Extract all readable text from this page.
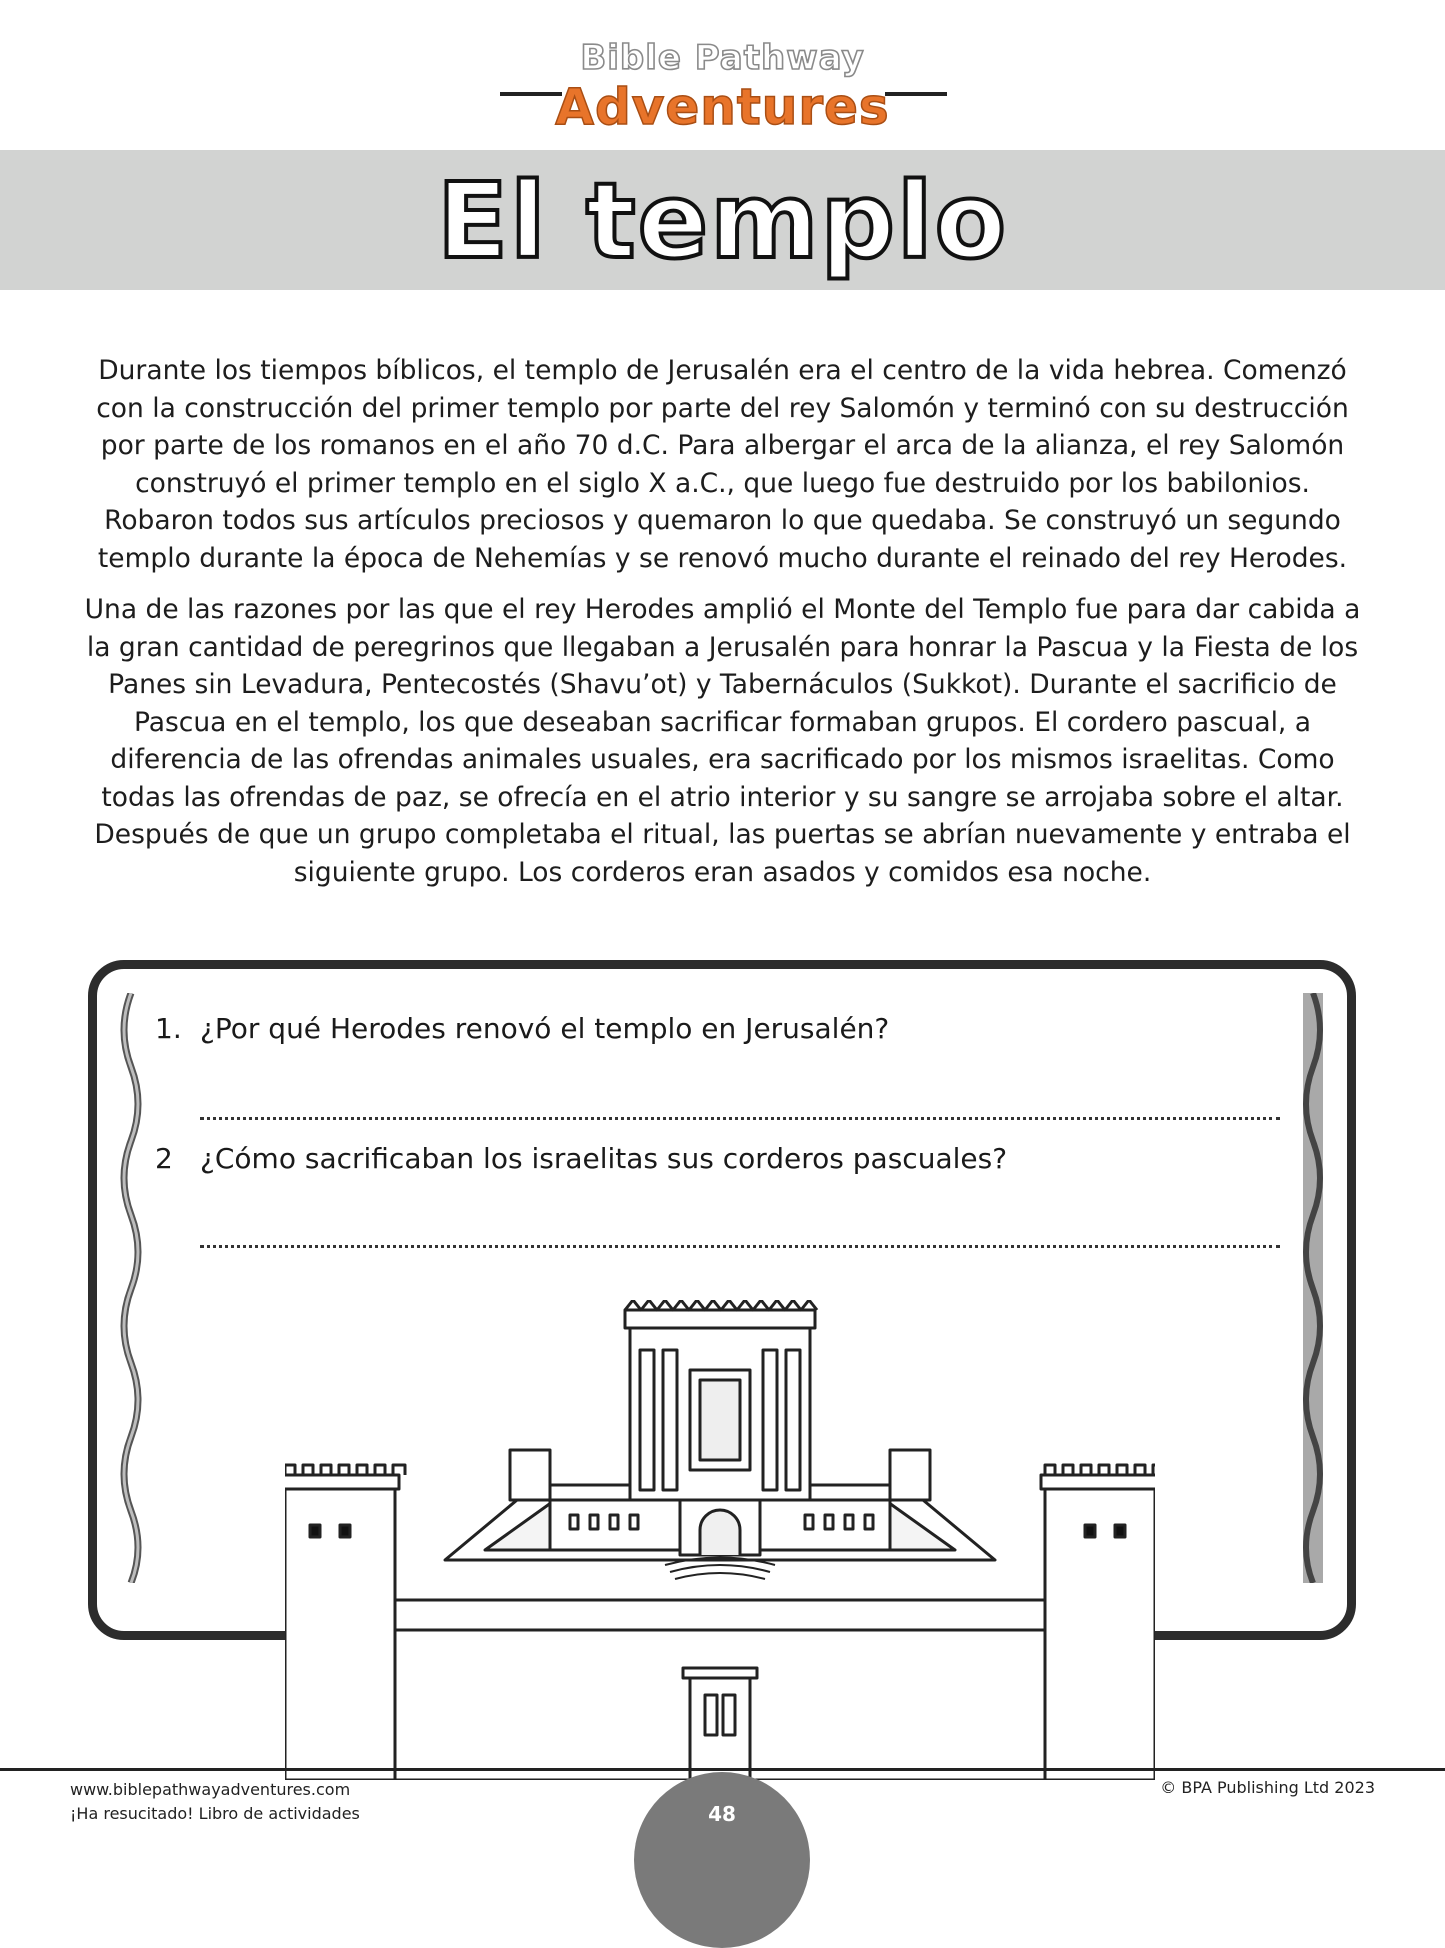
Bible Pathway
Adventures
El templo

Durante los tiempos bíblicos, el templo de Jerusalén era el centro de la vida hebrea. Comenzó con la construcción del primer templo por parte del rey Salomón y terminó con su destrucción por parte de los romanos en el año 70 d.C. Para albergar el arca de la alianza, el rey Salomón construyó el primer templo en el siglo X a.C., que luego fue destruido por los babilonios. Robaron todos sus artículos preciosos y quemaron lo que quedaba. Se construyó un segundo templo durante la época de Nehemías y se renovó mucho durante el reinado del rey Herodes.

Una de las razones por las que el rey Herodes amplió el Monte del Templo fue para dar cabida a la gran cantidad de peregrinos que llegaban a Jerusalén para honrar la Pascua y la Fiesta de los Panes sin Levadura, Pentecostés (Shavu’ot) y Tabernáculos (Sukkot). Durante el sacrificio de Pascua en el templo, los que deseaban sacrificar formaban grupos. El cordero pascual, a diferencia de las ofrendas animales usuales, era sacrificado por los mismos israelitas. Como todas las ofrendas de paz, se ofrecía en el atrio interior y su sangre se arrojaba sobre el altar. Después de que un grupo completaba el ritual, las puertas se abrían nuevamente y entraba el siguiente grupo. Los corderos eran asados y comidos esa noche.

1. ¿Por qué Herodes renovó el templo en Jerusalén?
2 ¿Cómo sacrificaban los israelitas sus corderos pascuales?
48
www.biblepathwayadventures.com
¡Ha resucitado! Libro de actividades
© BPA Publishing Ltd 2023
